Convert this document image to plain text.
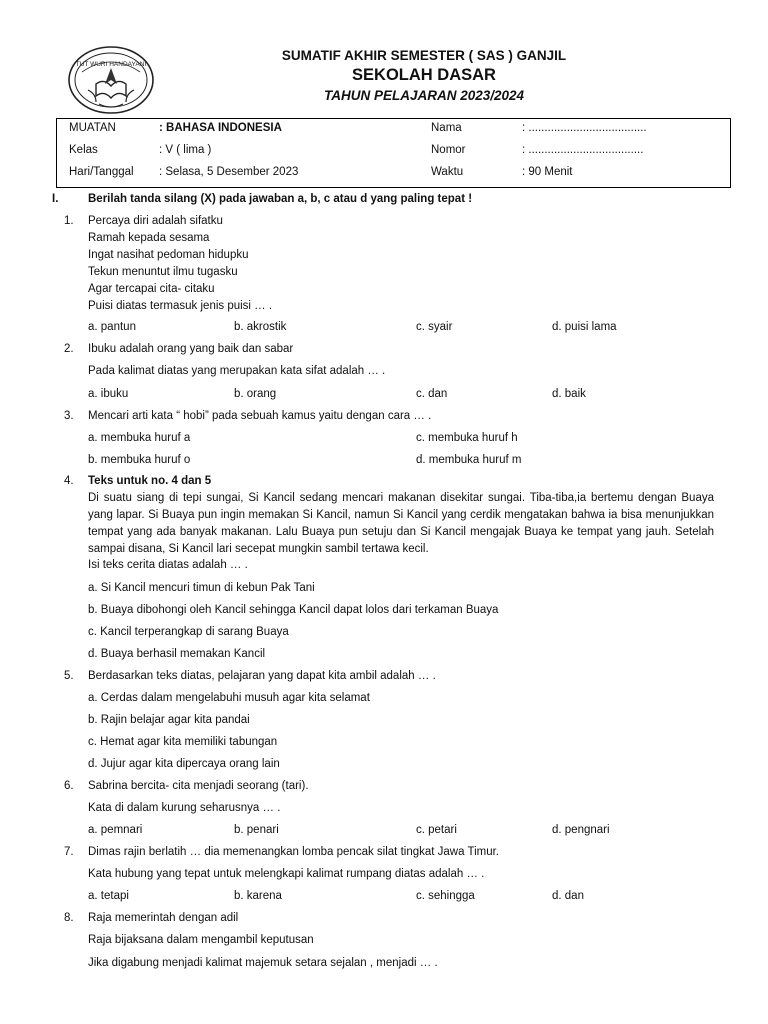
TUT WURI HANDAYANI
SUMATIF AKHIR SEMESTER ( SAS ) GANJIL
SEKOLAH DASAR
TAHUN PELAJARAN 2023/2024
MUATAN	: BAHASA INDONESIA	Nama	: .....................................
Kelas	: V ( lima )	Nomor	: ....................................
Hari/Tanggal : Selasa, 5 Desember 2023	Waktu	: 90 Menit
I.	Berilah tanda silang (X) pada jawaban a, b, c atau d yang paling tepat !
1. Percaya diri adalah sifatku
Ramah kepada sesama
Ingat nasihat pedoman hidupku
Tekun menuntut ilmu tugasku
Agar tercapai cita- citaku
Puisi diatas termasuk jenis puisi … .
a. pantun	b. akrostik	c. syair	d. puisi lama
2. Ibuku adalah orang yang baik dan sabar
Pada kalimat diatas yang merupakan kata sifat adalah … .
a. ibuku	b. orang	c. dan	d. baik
3. Mencari arti kata “ hobi” pada sebuah kamus yaitu dengan cara … .
a. membuka huruf a	c. membuka huruf h
b. membuka huruf o	d. membuka huruf m
4. Teks untuk no. 4 dan 5
Di suatu siang di tepi sungai, Si Kancil sedang mencari makanan disekitar sungai. Tiba-tiba,ia bertemu dengan Buaya yang lapar. Si Buaya pun ingin memakan Si Kancil, namun Si Kancil yang cerdik mengatakan bahwa ia bisa menunjukkan tempat yang ada banyak makanan. Lalu Buaya pun setuju dan Si Kancil mengajak Buaya ke tempat yang jauh. Setelah sampai disana, Si Kancil lari secepat mungkin sambil tertawa kecil.
Isi teks cerita diatas adalah … .
a. Si Kancil mencuri timun di kebun Pak Tani
b. Buaya dibohongi oleh Kancil sehingga Kancil dapat lolos dari terkaman Buaya
c. Kancil terperangkap di sarang Buaya
d. Buaya berhasil memakan Kancil
5. Berdasarkan teks diatas, pelajaran yang dapat kita ambil adalah … .
a. Cerdas dalam mengelabuhi musuh agar kita selamat
b. Rajin belajar agar kita pandai
c. Hemat agar kita memiliki tabungan
d. Jujur agar kita dipercaya orang lain
6. Sabrina bercita- cita menjadi seorang (tari).
Kata di dalam kurung seharusnya … .
a. pemnari	b. penari	c. petari	d. pengnari
7. Dimas rajin berlatih … dia memenangkan lomba pencak silat tingkat Jawa Timur.
Kata hubung yang tepat untuk melengkapi kalimat rumpang diatas adalah … .
a. tetapi	b. karena	c. sehingga	d. dan
8. Raja memerintah dengan adil
Raja bijaksana dalam mengambil keputusan
Jika digabung menjadi kalimat majemuk setara sejalan , menjadi … .
